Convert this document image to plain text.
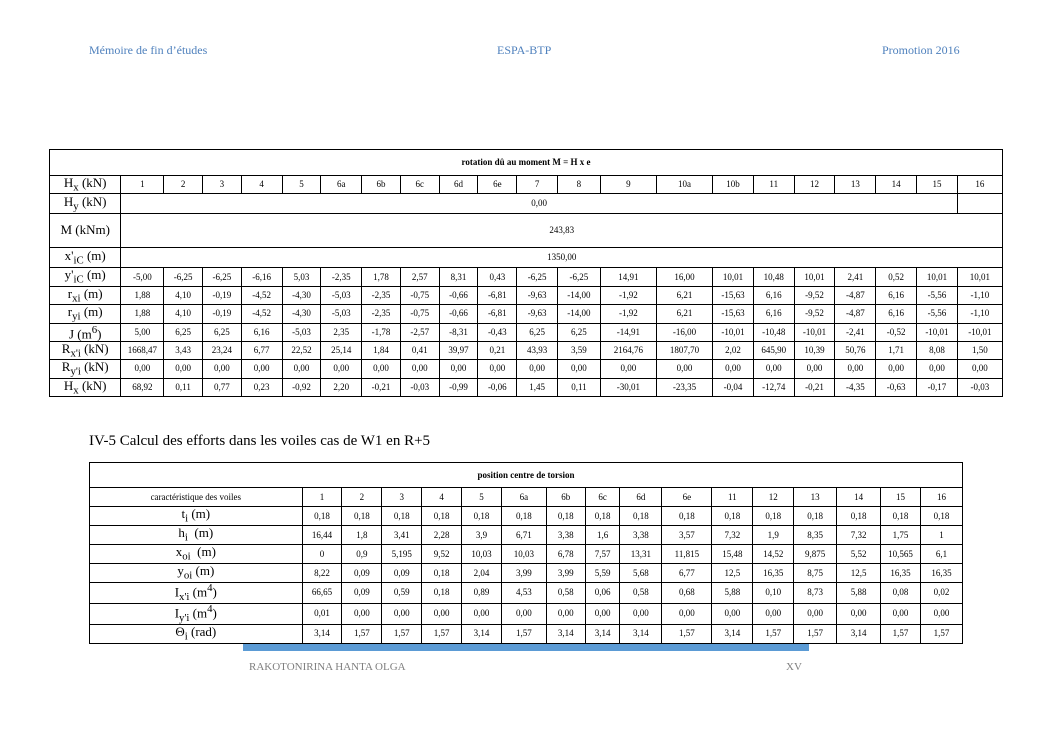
Mémoire de fin d’études	ESPA-BTP	Promotion 2016
rotation dû au moment M = H x e																					
$H_x$ (kN)	1	2	3	4	5	6a	6b	6c	6d	6e	7	8	9	10a	10b	11	12	13	14	15	16
$H_y$ (kN)	0,00																				
M (kNm)	243,83																				
$x'_{iC}$ (m)	1350,00																				
$y'_{iC}$ (m)	-5,00	-6,25	-6,25	-6,16	5,03	-2,35	1,78	2,57	8,31	0,43	-6,25	-6,25	14,91	16,00	10,01	10,48	10,01	2,41	0,52	10,01	10,01
$r_{xi}$ (m)	1,88	4,10	-0,19	-4,52	-4,30	-5,03	-2,35	-0,75	-0,66	-6,81	-9,63	-14,00	-1,92	6,21	-15,63	6,16	-9,52	-4,87	6,16	-5,56	-1,10
$r_{yi}$ (m)	1,88	4,10	-0,19	-4,52	-4,30	-5,03	-2,35	-0,75	-0,66	-6,81	-9,63	-14,00	-1,92	6,21	-15,63	6,16	-9,52	-4,87	6,16	-5,56	-1,10
J $(m^6)$	5,00	6,25	6,25	6,16	-5,03	2,35	-1,78	-2,57	-8,31	-0,43	6,25	6,25	-14,91	-16,00	-10,01	-10,48	-10,01	-2,41	-0,52	-10,01	-10,01
$R_{x'i}$ (kN)	1668,47	3,43	23,24	6,77	22,52	25,14	1,84	0,41	39,97	0,21	43,93	3,59	2164,76	1807,70	2,02	645,90	10,39	50,76	1,71	8,08	1,50
$R_{y'i}$ (kN)	0,00	0,00	0,00	0,00	0,00	0,00	0,00	0,00	0,00	0,00	0,00	0,00	0,00	0,00	0,00	0,00	0,00	0,00	0,00	0,00	0,00
$H_x$ (kN)	68,92	0,11	0,77	0,23	-0,92	2,20	-0,21	-0,03	-0,99	-0,06	1,45	0,11	-30,01	-23,35	-0,04	-12,74	-0,21	-4,35	-0,63	-0,17	-0,03
IV-5 Calcul des efforts dans les voiles cas de W1 en R+5
position centre de torsion																
caractéristique des voiles	1	2	3	4	5	6a	6b	6c	6d	6e	11	12	13	14	15	16
$t_i$ (m)	0,18	0,18	0,18	0,18	0,18	0,18	0,18	0,18	0,18	0,18	0,18	0,18	0,18	0,18	0,18	0,18
$h_i$  (m)	16,44	1,8	3,41	2,28	3,9	6,71	3,38	1,6	3,38	3,57	7,32	1,9	8,35	7,32	1,75	1
$x_{oi}$  (m)	0	0,9	5,195	9,52	10,03	10,03	6,78	7,57	13,31	11,815	15,48	14,52	9,875	5,52	10,565	6,1
$y_{oi}$ (m)	8,22	0,09	0,09	0,18	2,04	3,99	3,99	5,59	5,68	6,77	12,5	16,35	8,75	12,5	16,35	16,35
$I_{x'i}$ $(m^4)$	66,65	0,09	0,59	0,18	0,89	4,53	0,58	0,06	0,58	0,68	5,88	0,10	8,73	5,88	0,08	0,02
$I_{y'i}$ $(m^4)$	0,01	0,00	0,00	0,00	0,00	0,00	0,00	0,00	0,00	0,00	0,00	0,00	0,00	0,00	0,00	0,00
$\Theta_i$ (rad)	3,14	1,57	1,57	1,57	3,14	1,57	3,14	3,14	3,14	1,57	3,14	1,57	1,57	3,14	1,57	1,57
RAKOTONIRINA HANTA OLGA	XV
